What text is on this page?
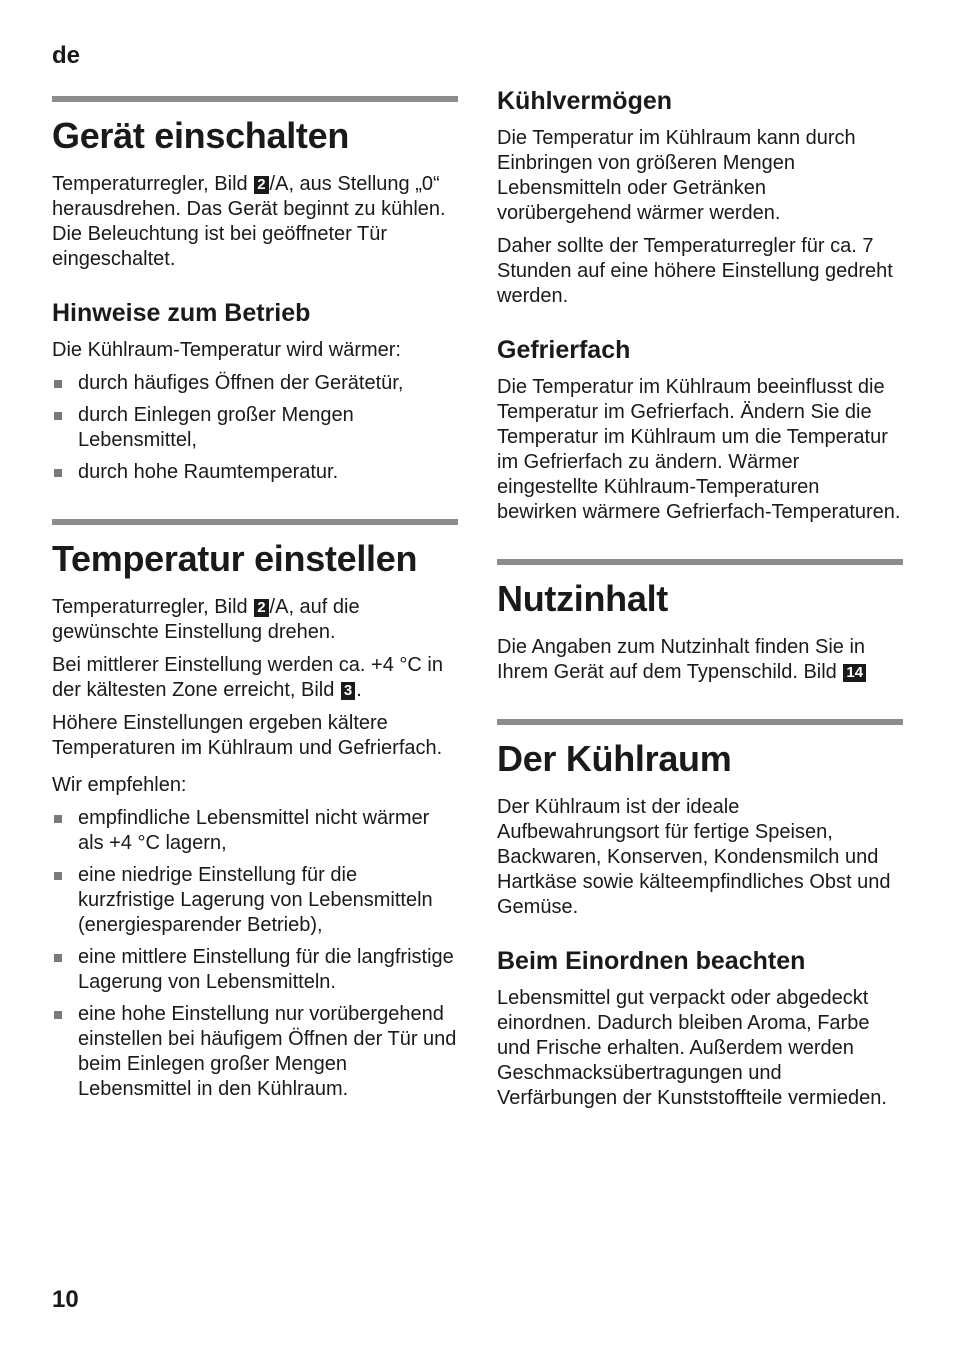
de
Gerät einschalten

Temperaturregler, Bild 2 /A, aus Stellung „0“ herausdrehen. Das Gerät beginnt zu kühlen. Die Beleuchtung ist bei geöffneter Tür eingeschaltet.

Hinweise zum Betrieb

Die Kühlraum-Temperatur wird wärmer:

durch häufiges Öffnen der Gerätetür,
durch Einlegen großer Mengen Lebensmittel,
durch hohe Raumtemperatur.
Temperatur einstellen

Temperaturregler, Bild 2 /A, auf die gewünschte Einstellung drehen.

Bei mittlerer Einstellung werden ca. +4 °C in der kältesten Zone erreicht, Bild 3 .

Höhere Einstellungen ergeben kältere Temperaturen im Kühlraum und Gefrierfach.

Wir empfehlen:

empfindliche Lebensmittel nicht wärmer als +4 °C lagern,
eine niedrige Einstellung für die kurzfristige Lagerung von Lebensmitteln (energiesparender Betrieb),
eine mittlere Einstellung für die langfristige Lagerung von Lebensmitteln.
eine hohe Einstellung nur vorübergehend einstellen bei häufigem Öffnen der Tür und beim Einlegen großer Mengen Lebensmittel in den Kühlraum.
Kühlvermögen

Die Temperatur im Kühlraum kann durch Einbringen von größeren Mengen Lebensmitteln oder Getränken vorübergehend wärmer werden.

Daher sollte der Temperaturregler für ca. 7 Stunden auf eine höhere Einstellung gedreht werden.

Gefrierfach

Die Temperatur im Kühlraum beeinflusst die Temperatur im Gefrierfach. Ändern Sie die Temperatur im Kühlraum um die Temperatur im Gefrierfach zu ändern. Wärmer eingestellte Kühlraum-Temperaturen bewirken wärmere Gefrierfach-Temperaturen.

Nutzinhalt

Die Angaben zum Nutzinhalt finden Sie in Ihrem Gerät auf dem Typenschild. Bild 14

Der Kühlraum

Der Kühlraum ist der ideale Aufbewahrungsort für fertige Speisen, Backwaren, Konserven, Kondensmilch und Hartkäse sowie kälteempfindliches Obst und Gemüse.

Beim Einordnen beachten

Lebensmittel gut verpackt oder abgedeckt einordnen. Dadurch bleiben Aroma, Farbe und Frische erhalten. Außerdem werden Geschmacksübertragungen und Verfärbungen der Kunststoffteile vermieden.

10
